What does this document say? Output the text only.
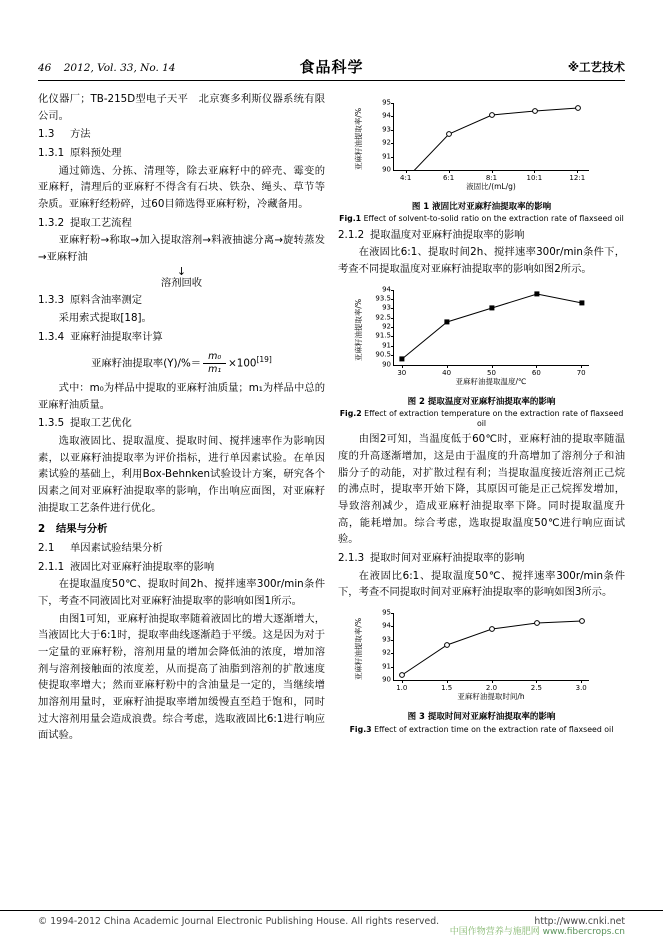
46 2012, Vol. 33, No. 14	食品科学	※工艺技术

化仪器厂；TB-215D型电子天平　北京赛多利斯仪器系统有限公司。

1.3 方法

1.3.1 原料预处理

通过筛选、分拣、清理等，除去亚麻籽中的碎壳、霉变的亚麻籽，清理后的亚麻籽不得含有石块、铁杂、绳头、草节等杂质。亚麻籽经粉碎，过60目筛选得亚麻籽粉，冷藏备用。

1.3.2 提取工艺流程

亚麻籽粉→称取→加入提取溶剂→料液抽滤分离→旋转蒸发→亚麻籽油

↓

溶剂回收

1.3.3 原料含油率测定

采用索式提取[18]。

1.3.4 亚麻籽油提取率计算

亚麻籽油提取率$(Y)/\%= \frac{\text{m₀}}{\text{m₁}} \times 100[19]$

式中：m₀为样品中提取的亚麻籽油质量；m₁为样品中总的亚麻籽油质量。

1.3.5 提取工艺优化

选取液固比、提取温度、提取时间、搅拌速率作为影响因素，以亚麻籽油提取率为评价指标，进行单因素试验。在单因素试验的基础上，利用Box-Behnken试验设计方案，研究各个因素之间对亚麻籽油提取率的影响，作出响应面图，对亚麻籽油提取工艺条件进行优化。

2 结果与分析

2.1 单因素试验结果分析

2.1.1 液固比对亚麻籽油提取率的影响

在提取温度50℃、提取时间2h、搅拌速率300r/min条件下，考查不同液固比对亚麻籽油提取率的影响如图1所示。

由图1可知，亚麻籽油提取率随着液固比的增大逐渐增大，当液固比大于6:1时，提取率曲线逐渐趋于平缓。这是因为对于一定量的亚麻籽粉，溶剂用量的增加会降低油的浓度，增加溶剂与溶剂接触面的浓度差，从而提高了油脂到溶剂的扩散速度使提取率增大；然而亚麻籽粉中的含油量是一定的，当继续增加溶剂用量时，亚麻籽油提取率增加缓慢直至趋于饱和，同时过大溶剂用量会造成浪费。综合考虑，选取液固比6:1进行响应面试验。

亚麻籽油提取率/%
95
94
93
92
91
90
4:1	6:1	8:1	10:1	12:1
液固比/(mL/g)
图 1 液固比对亚麻籽油提取率的影响
Fig.1 Effect of solvent-to-solid ratio on the extraction rate of flaxseed oil

2.1.2 提取温度对亚麻籽油提取率的影响

在液固比6:1、提取时间2h、搅拌速率300r/min条件下，考查不同提取温度对亚麻籽油提取率的影响如图2所示。

亚麻籽油提取率/%
94
93.5
93
92.5
92
91.5
91
90.5
90
30	40	50	60	70
亚麻籽油提取温度/℃
图 2 提取温度对亚麻籽油提取率的影响
Fig.2 Effect of extraction temperature on the extraction rate of flaxseed oil

由图2可知，当温度低于60℃时，亚麻籽油的提取率随温度的升高逐渐增加，这是由于温度的升高增加了溶剂分子和油脂分子的动能，对扩散过程有利；当提取温度接近溶剂正己烷的沸点时，提取率开始下降，其原因可能是正己烷挥发增加，导致溶剂减少，造成亚麻籽油提取率下降。同时提取温度升高，能耗增加。综合考虑，选取提取温度50℃进行响应面试验。

2.1.3 提取时间对亚麻籽油提取率的影响

在液固比6:1、提取温度50℃、搅拌速率300r/min条件下，考查不同提取时间对亚麻籽油提取率的影响如图3所示。

亚麻籽油提取率/%
95
94
93
92
91
90
1.0	1.5	2.0	2.5	3.0
亚麻籽油提取时间/h
图 3 提取时间对亚麻籽油提取率的影响
Fig.3 Effect of extraction time on the extraction rate of flaxseed oil
© 1994-2012 China Academic Journal Electronic Publishing House. All rights reserved.	http://www.cnki.net
中国作物营养与施肥网 www.fibercrops.cn
